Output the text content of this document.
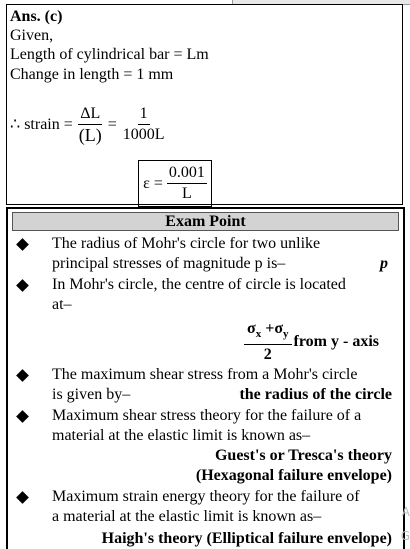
Ans. (c)
Given,
Length of cylindrical bar = Lm
Change in length = 1 mm
∴ strain = $\frac{\Delta L}{(L)} = \frac{1}{1000L}$
$\varepsilon = \frac{0.001}{L}$
Exam Point
The radius of Mohr's circle for two unlike
principal stresses of magnitude p is–	p
In Mohr's circle, the centre of circle is located
at–
$\frac{\sigma_x +\sigma_y}{2}$ from y - axis
The maximum shear stress from a Mohr's circle
is given by–	the radius of the circle
Maximum shear stress theory for the failure of a
material at the elastic limit is known as–
Guest's or Tresca's theory
(Hexagonal failure envelope)
Maximum strain energy theory for the failure of
a material at the elastic limit is known as–
Haigh's theory (Elliptical failure envelope)
A
G
